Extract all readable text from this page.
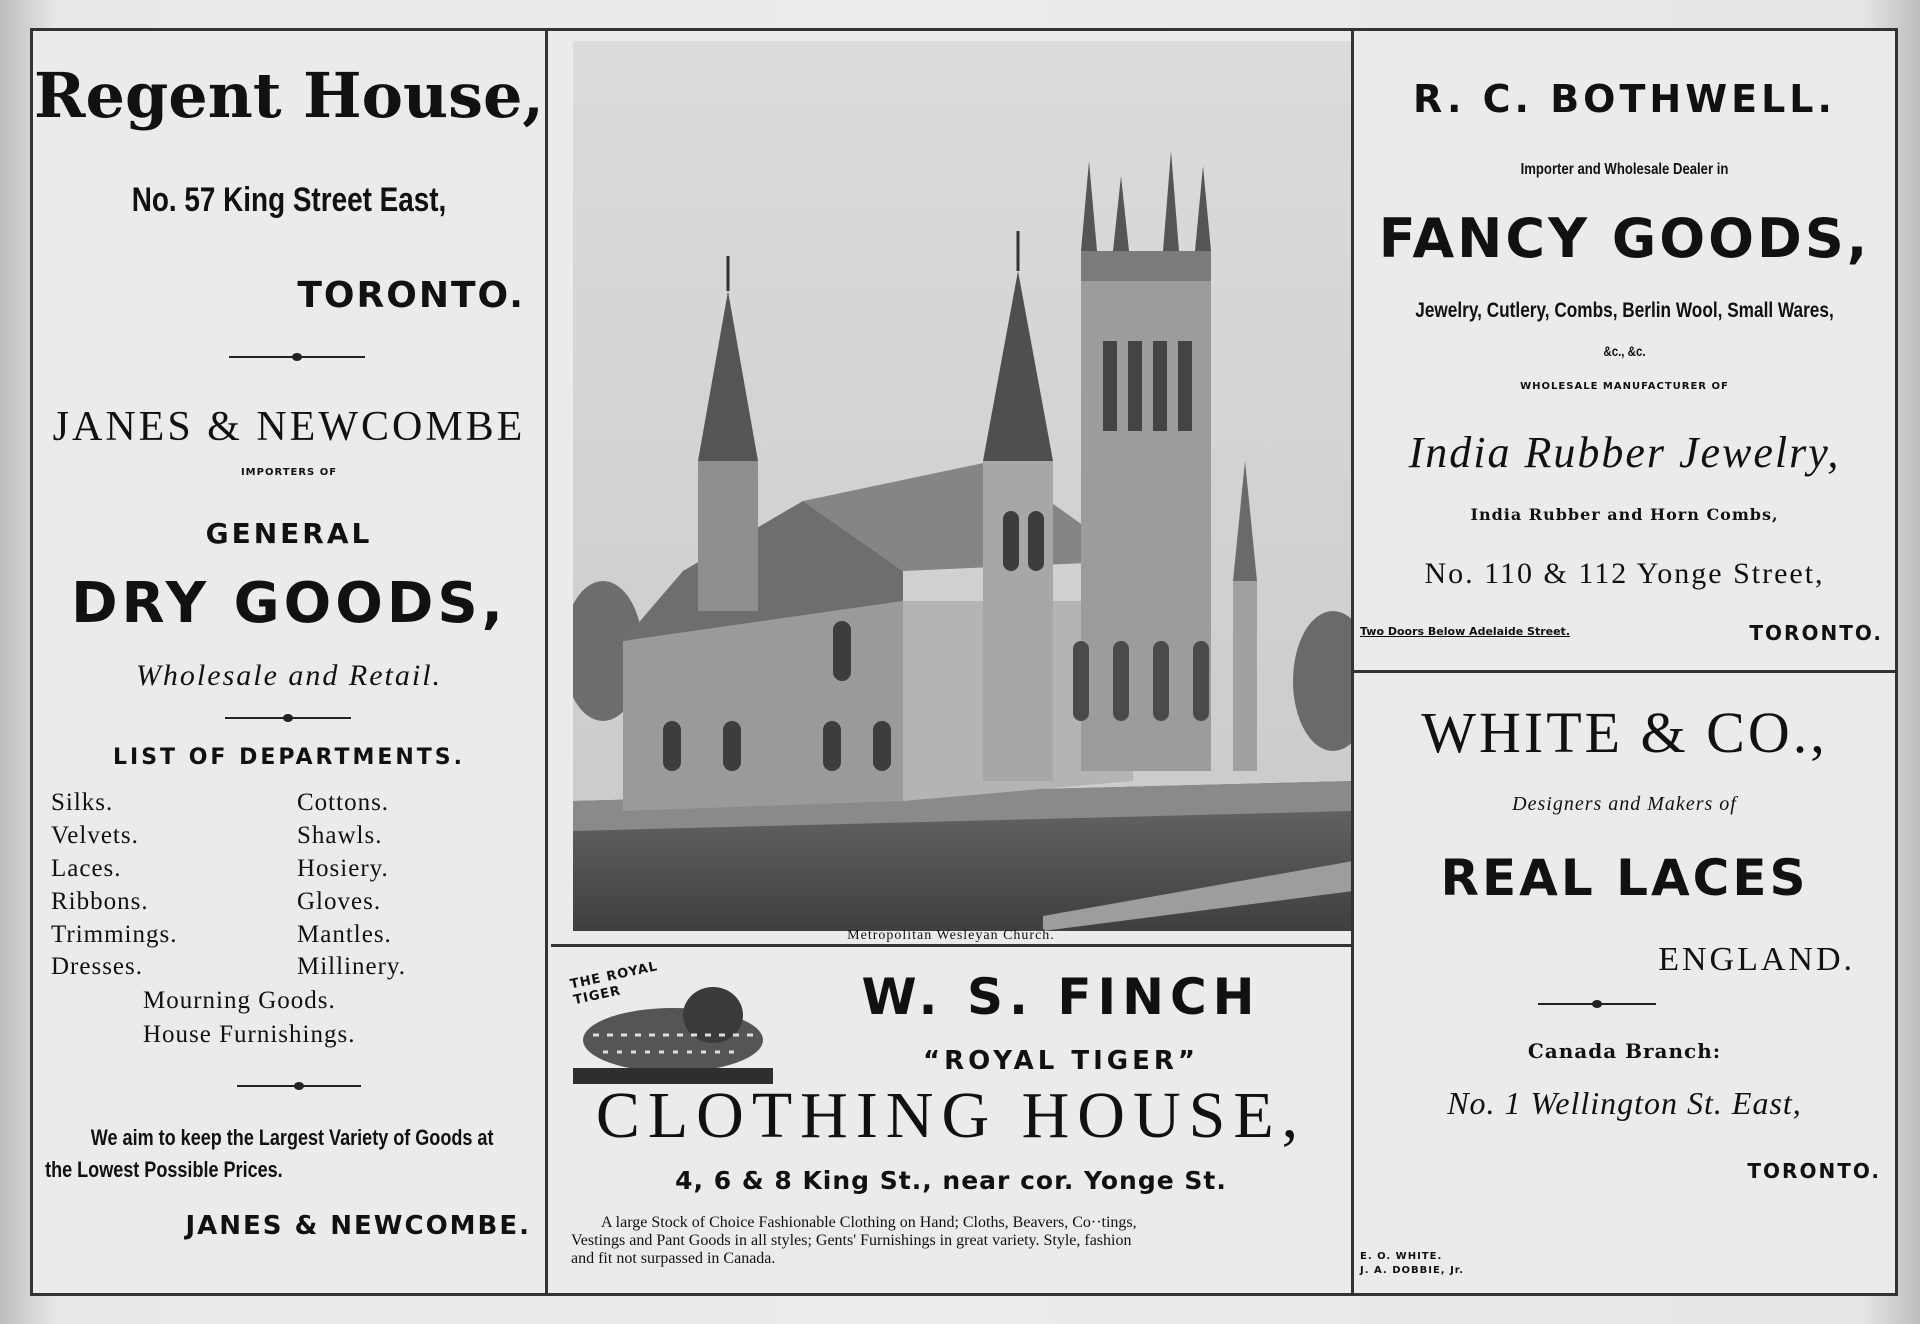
Regent House,
No. 57 King Street East,
TORONTO.
JANES & NEWCOMBE
IMPORTERS OF
GENERAL
DRY GOODS,
Wholesale and Retail.
LIST OF DEPARTMENTS.
Silks.
Velvets.
Laces.
Ribbons.
Trimmings.
Dresses.
Cottons.
Shawls.
Hosiery.
Gloves.
Mantles.
Millinery.
Mourning Goods.
House Furnishings.
We aim to keep the Largest Variety of Goods at
the Lowest Possible Prices.
JANES & NEWCOMBE.
Metropolitan Wesleyan Church.
THE ROYAL TIGER	W. S. FINCH
“ROYAL TIGER”
CLOTHING HOUSE,
4, 6 & 8 King St., near cor. Yonge St.
A large Stock of Choice Fashionable Clothing on Hand; Cloths, Beavers, Co··tings,
Vestings and Pant Goods in all styles; Gents' Furnishings in great variety. Style, fashion
and fit not surpassed in Canada.
R. C. BOTHWELL.
Importer and Wholesale Dealer in
FANCY GOODS,
Jewelry, Cutlery, Combs, Berlin Wool, Small Wares,
&c., &c.
WHOLESALE MANUFACTURER OF
India Rubber Jewelry,
India Rubber and Horn Combs,
No. 110 & 112 Yonge Street,
Two Doors Below Adelaide Street.	TORONTO.
WHITE & CO.,
Designers and Makers of
REAL LACES
ENGLAND.
Canada Branch:
No. 1 Wellington St. East,
TORONTO.
E. O. WHITE.
J. A. DOBBIE, Jr.
